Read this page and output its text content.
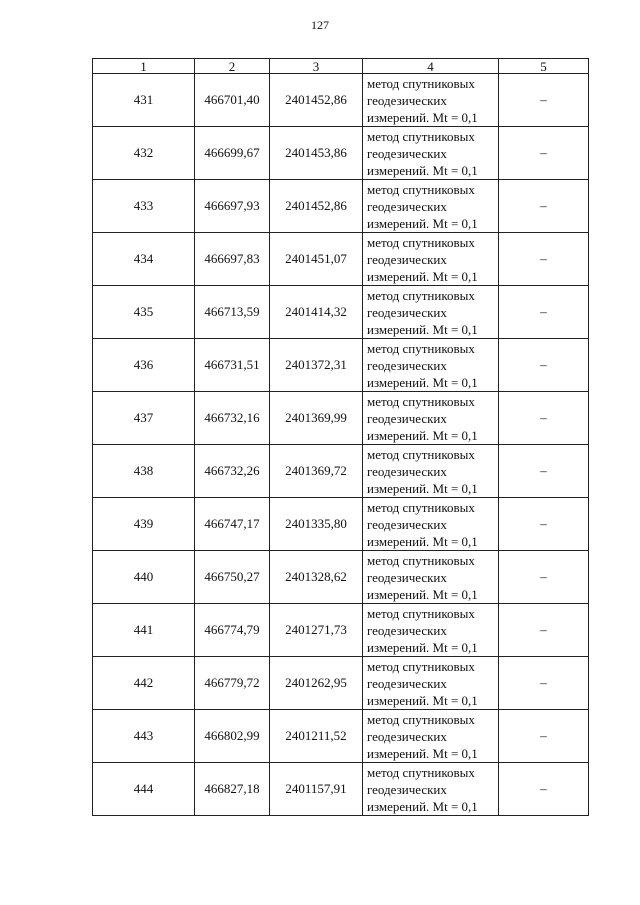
127
1	2	3	4	5
431	466701,40	2401452,86	метод спутниковых
геодезических
измерений. Mt = 0,1	–
432	466699,67	2401453,86	метод спутниковых
геодезических
измерений. Mt = 0,1	–
433	466697,93	2401452,86	метод спутниковых
геодезических
измерений. Mt = 0,1	–
434	466697,83	2401451,07	метод спутниковых
геодезических
измерений. Mt = 0,1	–
435	466713,59	2401414,32	метод спутниковых
геодезических
измерений. Mt = 0,1	–
436	466731,51	2401372,31	метод спутниковых
геодезических
измерений. Mt = 0,1	–
437	466732,16	2401369,99	метод спутниковых
геодезических
измерений. Mt = 0,1	–
438	466732,26	2401369,72	метод спутниковых
геодезических
измерений. Mt = 0,1	–
439	466747,17	2401335,80	метод спутниковых
геодезических
измерений. Mt = 0,1	–
440	466750,27	2401328,62	метод спутниковых
геодезических
измерений. Mt = 0,1	–
441	466774,79	2401271,73	метод спутниковых
геодезических
измерений. Mt = 0,1	–
442	466779,72	2401262,95	метод спутниковых
геодезических
измерений. Mt = 0,1	–
443	466802,99	2401211,52	метод спутниковых
геодезических
измерений. Mt = 0,1	–
444	466827,18	2401157,91	метод спутниковых
геодезических
измерений. Mt = 0,1	–
